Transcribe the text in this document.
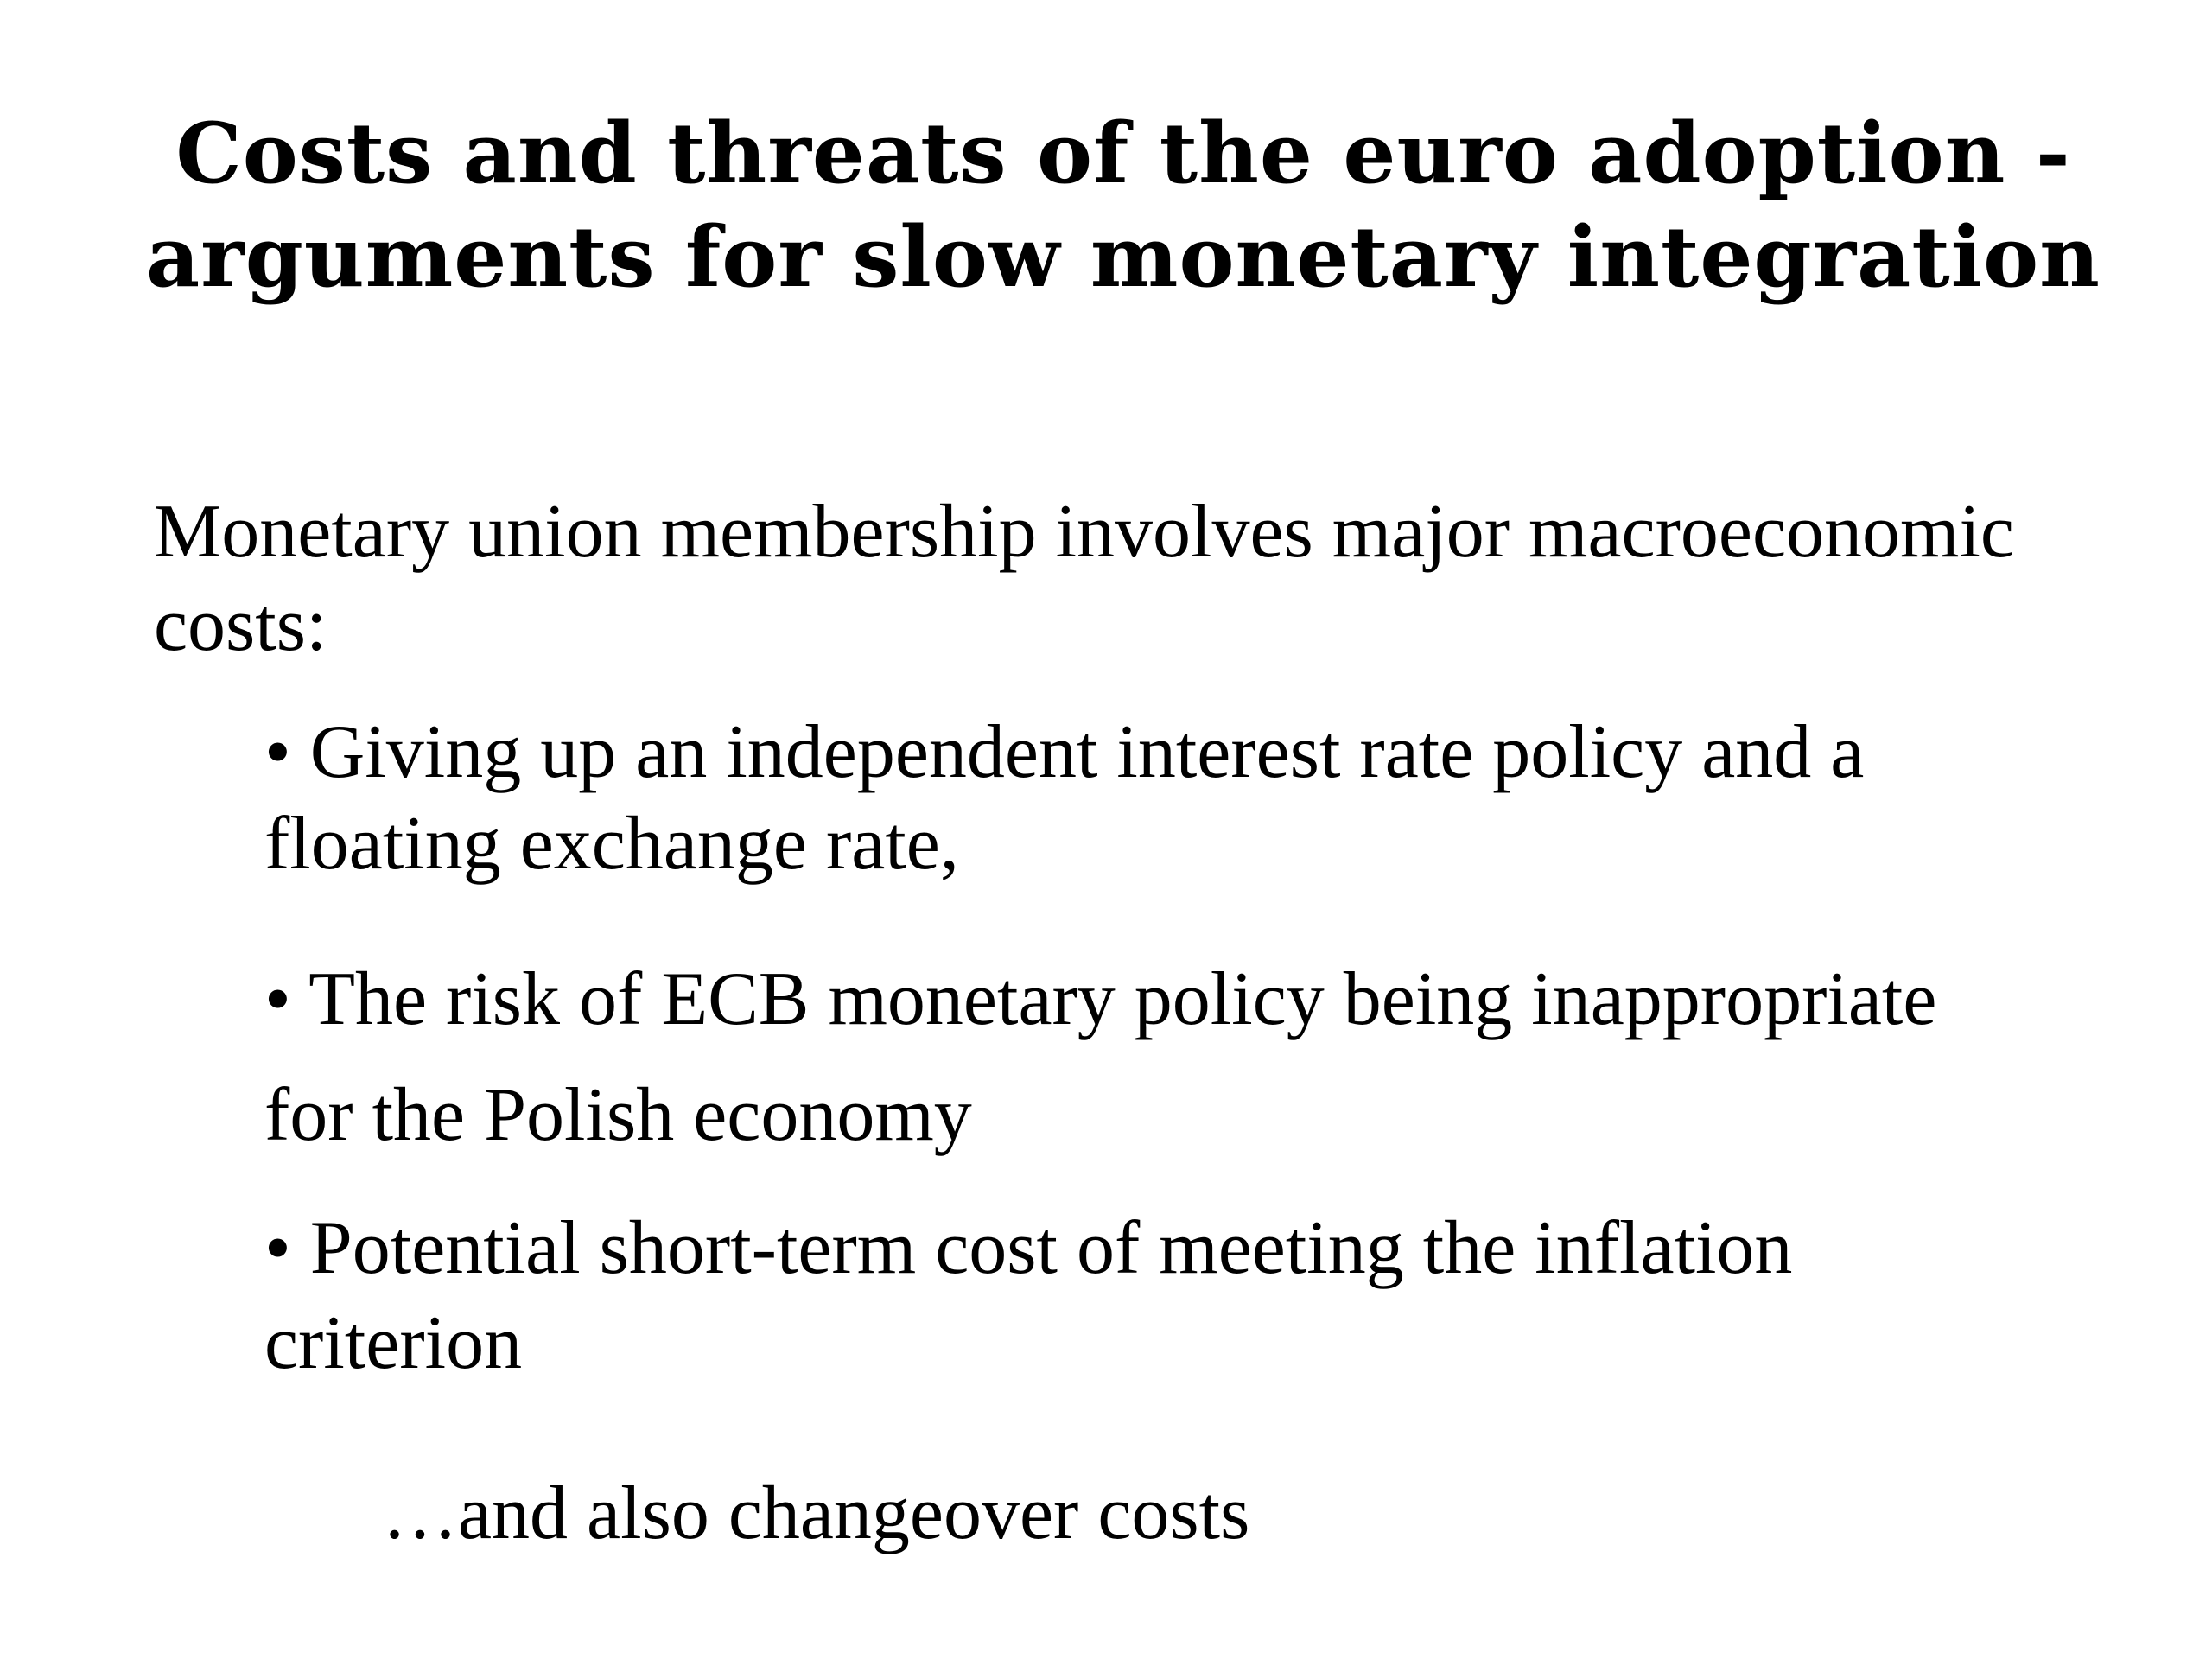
Costs and threats of the euro adoption -
arguments for slow monetary integration

Monetary union membership involves major macroeconomic
costs:

• Giving up an independent interest rate policy and a
floating exchange rate,

• The risk of ECB monetary policy being inappropriate
for the Polish economy

• Potential short-term cost of meeting the inflation
criterion

…and also changeover costs
